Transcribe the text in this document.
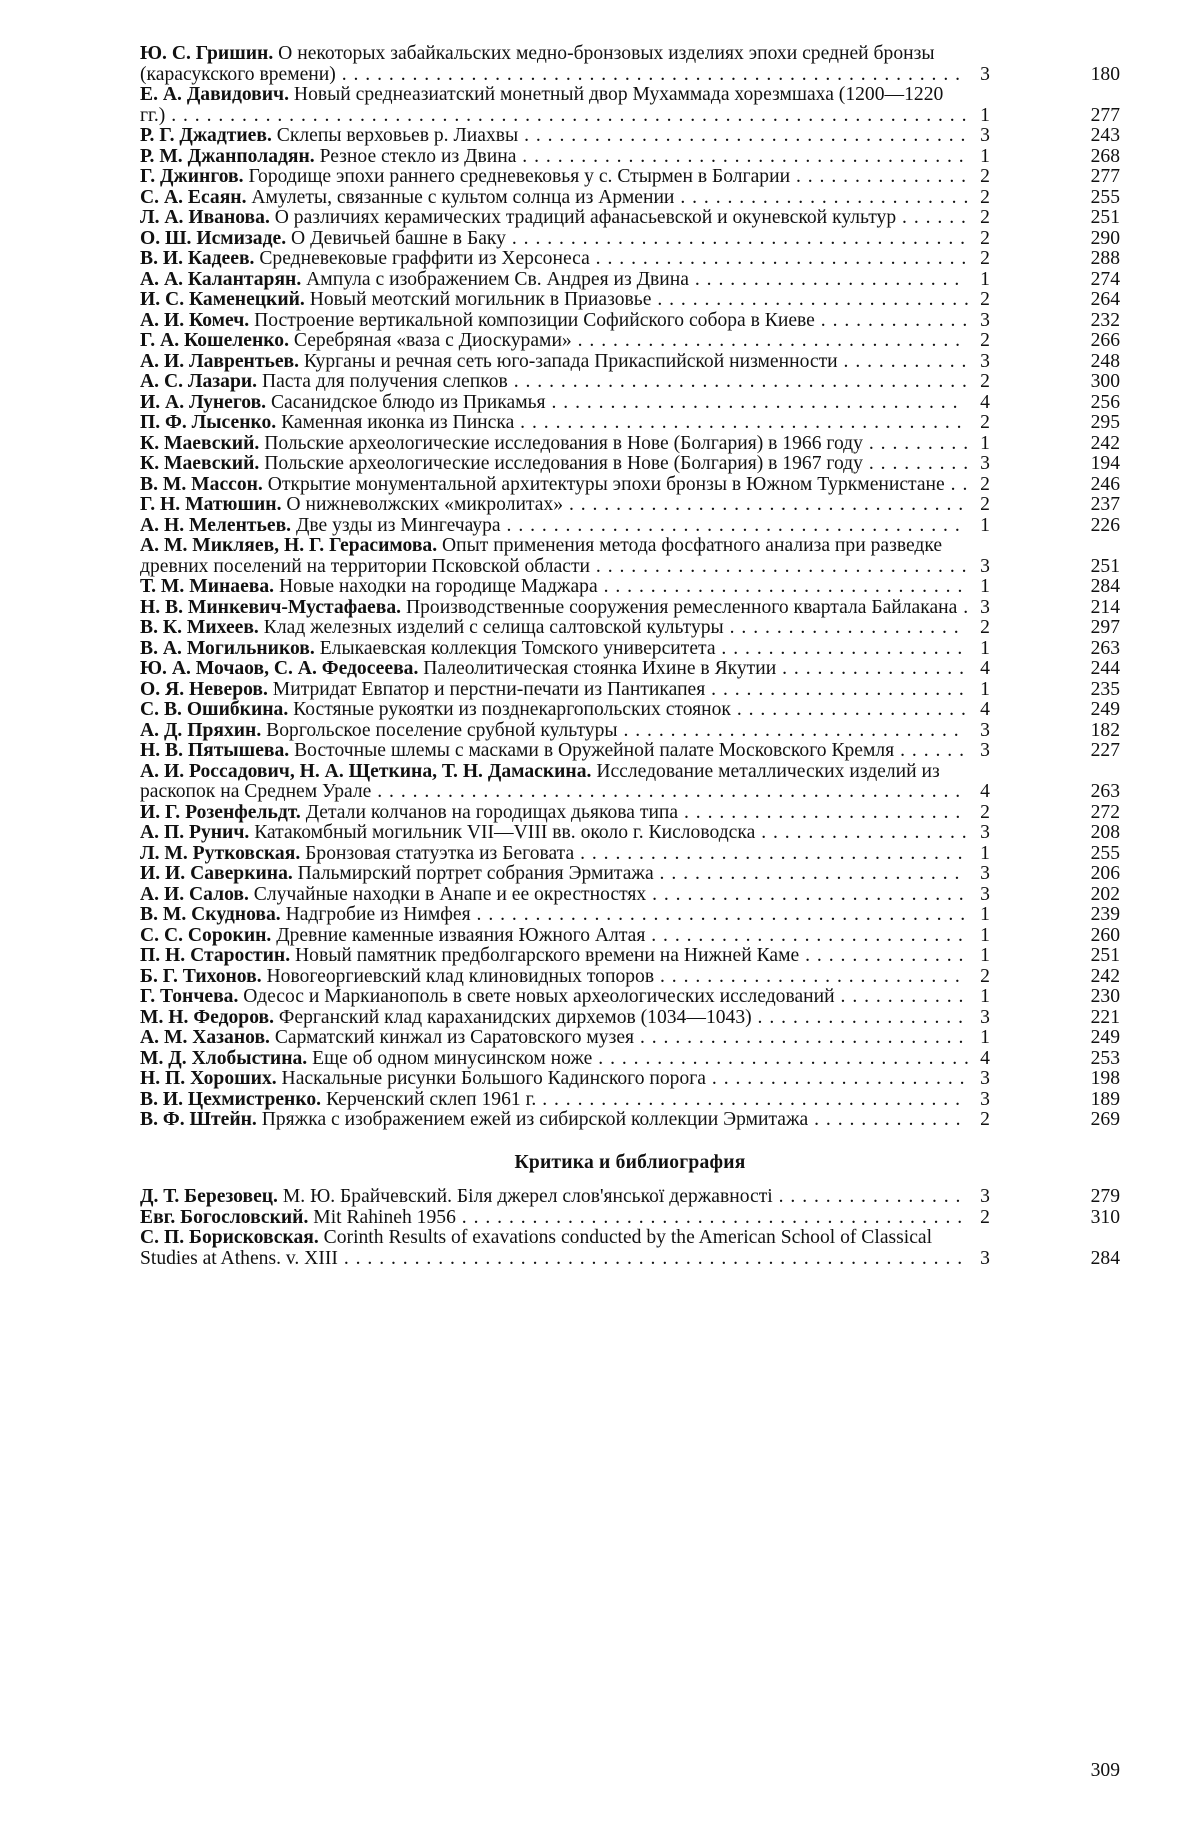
Ю. С. Гришин. О некоторых забайкальских медно-бронзовых изделиях эпохи средней бронзы (карасукского времени) . . .	3	180
Е. А. Давидович. Новый среднеазиатский монетный двор Мухаммада хорезмшаха (1200—1220 гг.) . . .	1	277
Р. Г. Джадтиев. Склепы верховьев р. Лиахвы . . .	3	243
Р. М. Джанполадян. Резное стекло из Двина . . .	1	268
Г. Джингов. Городище эпохи раннего средневековья у с. Стырмен в Болгарии . . .	2	277
С. А. Есаян. Амулеты, связанные с культом солнца из Армении . . .	2	255
Л. А. Иванова. О различиях керамических традиций афанасьевской и окуневской культур . . .	2	251
О. Ш. Исмизаде. О Девичьей башне в Баку . . .	2	290
В. И. Кадеев. Средневековые граффити из Херсонеса . . .	2	288
А. А. Калантарян. Ампула с изображением Св. Андрея из Двина . . .	1	274
И. С. Каменецкий. Новый меотский могильник в Приазовье . . .	2	264
А. И. Комеч. Построение вертикальной композиции Софийского собора в Киеве . . .	3	232
Г. А. Кошеленко. Серебряная «ваза с Диоскурами» . . .	2	266
А. И. Лаврентьев. Курганы и речная сеть юго-запада Прикаспийской низменности . . .	3	248
А. С. Лазари. Паста для получения слепков . . .	2	300
И. А. Лунегов. Сасанидское блюдо из Прикамья . . .	4	256
П. Ф. Лысенко. Каменная иконка из Пинска . . .	2	295
К. Маевский. Польские археологические исследования в Нове (Болгария) в 1966 году . . .	1	242
К. Маевский. Польские археологические исследования в Нове (Болгария) в 1967 году . . .	3	194
В. М. Массон. Открытие монументальной архитектуры эпохи бронзы в Южном Туркменистане . . .	2	246
Г. Н. Матюшин. О нижневолжских «микролитах» . . .	2	237
А. Н. Мелентьев. Две узды из Мингечаура . . .	1	226
А. М. Микляев, Н. Г. Герасимова. Опыт применения метода фосфатного анализа при разведке древних поселений на территории Псковской области . . .	3	251
Т. М. Минаева. Новые находки на городище Маджара . . .	1	284
Н. В. Минкевич-Мустафаева. Производственные сооружения ремесленного квартала Байлакана . . .	3	214
В. К. Михеев. Клад железных изделий с селища салтовской культуры . . .	2	297
В. А. Могильников. Елыкаевская коллекция Томского университета . . .	1	263
Ю. А. Мочаов, С. А. Федосеева. Палеолитическая стоянка Ихине в Якутии . . .	4	244
О. Я. Неверов. Митридат Евпатор и перстни-печати из Пантикапея . . .	1	235
С. В. Ошибкина. Костяные рукоятки из позднекаргопольских стоянок . . .	4	249
А. Д. Пряхин. Воргольское поселение срубной культуры . . .	3	182
Н. В. Пятышева. Восточные шлемы с масками в Оружейной палате Московского Кремля . . .	3	227
А. И. Россадович, Н. А. Щеткина, Т. Н. Дамаскина. Исследование металлических изделий из раскопок на Среднем Урале . . .	4	263
И. Г. Розенфельдт. Детали колчанов на городищах дьякова типа . . .	2	272
А. П. Рунич. Катакомбный могильник VII—VIII вв. около г. Кисловодска . . .	3	208
Л. М. Рутковская. Бронзовая статуэтка из Беговата . . .	1	255
И. И. Саверкина. Пальмирский портрет собрания Эрмитажа . . .	3	206
А. И. Салов. Случайные находки в Анапе и ее окрестностях . . .	3	202
В. М. Скуднова. Надгробие из Нимфея . . .	1	239
С. С. Сорокин. Древние каменные изваяния Южного Алтая . . .	1	260
П. Н. Старостин. Новый памятник предболгарского времени на Нижней Каме . . .	1	251
Б. Г. Тихонов. Новогеоргиевский клад клиновидных топоров . . .	2	242
Г. Тончева. Одесос и Маркианополь в свете новых археологических исследований . . .	1	230
М. Н. Федоров. Ферганский клад караханидских дирхемов (1034—1043) . . .	3	221
А. М. Хазанов. Сарматский кинжал из Саратовского музея . . .	1	249
М. Д. Хлобыстина. Еще об одном минусинском ноже . . .	4	253
Н. П. Хороших. Наскальные рисунки Большого Кадинского порога . . .	3	198
В. И. Цехмистренко. Керченский склеп 1961 г. . . .	3	189
В. Ф. Штейн. Пряжка с изображением ежей из сибирской коллекции Эрмитажа . . .	2	269
Критика и библиография
Д. Т. Березовец. М. Ю. Брайчевский. Біля джерел слов'янської державності . . .	3	279
Евг. Богословский. Mit Rahineh 1956 . . .	2	310
С. П. Борисковская. Corinth Results of exavations conducted by the American School of Classical Studies at Athens. v. XIII . . .	3	284
309
